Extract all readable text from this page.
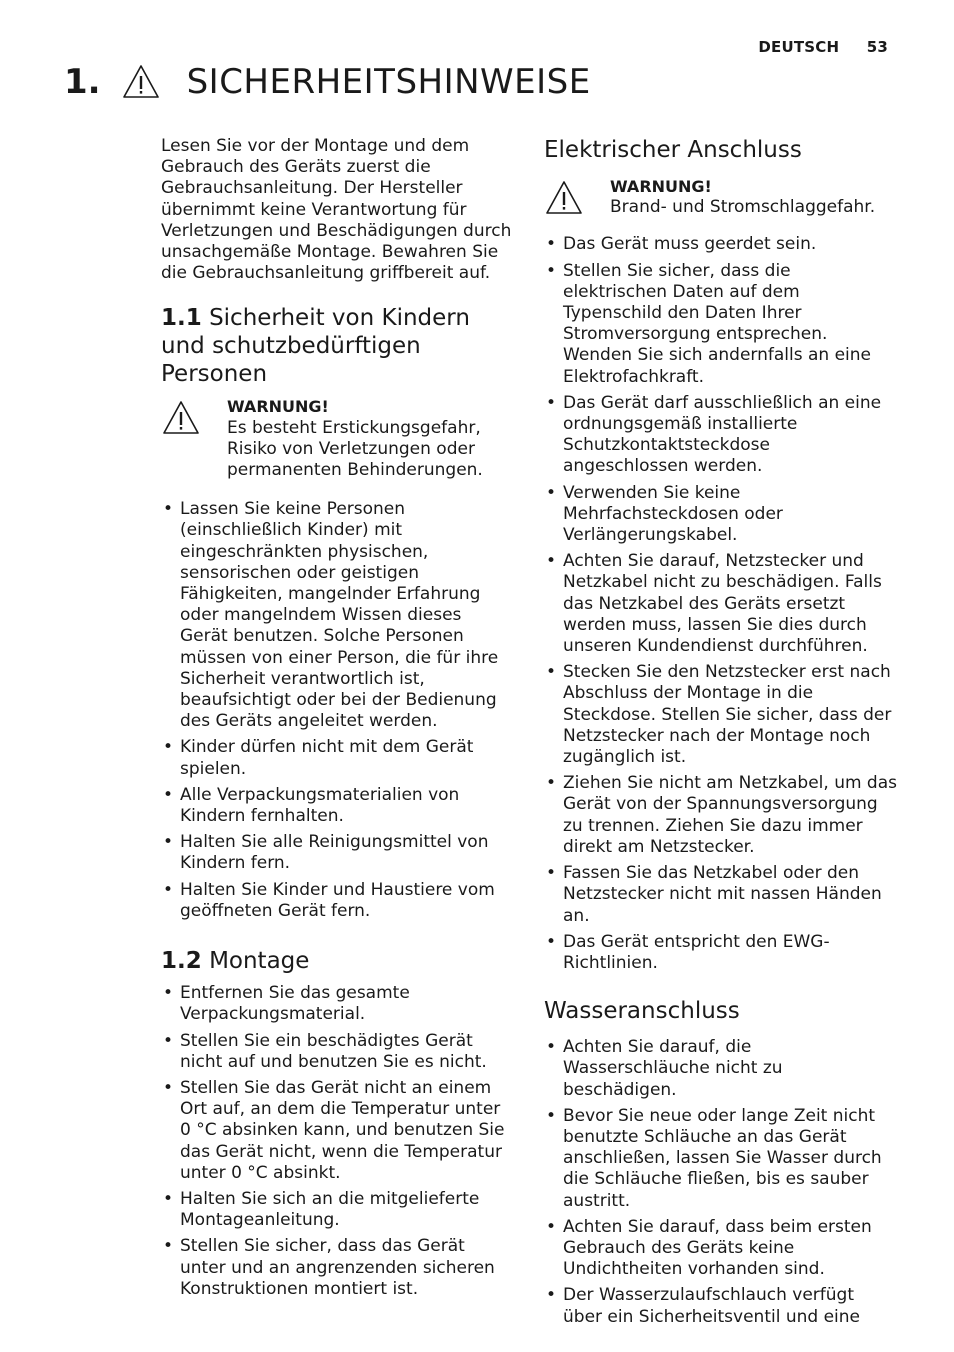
DEUTSCH 53
1.	SICHERHEITSHINWEISE

Lesen Sie vor der Montage und dem Gebrauch des Geräts zuerst die Gebrauchsanleitung. Der Hersteller übernimmt keine Verantwortung für Verletzungen und Beschädigungen durch unsachgemäße Montage. Bewahren Sie die Gebrauchsanleitung griffbereit auf.

1.1 Sicherheit von Kindern und schutzbedürftigen Personen

WARNUNG!

Es besteht Erstickungsgefahr, Risiko von Verletzungen oder permanenten Behinderungen.

• Lassen Sie keine Personen (einschließlich Kinder) mit eingeschränkten physischen, sensorischen oder geistigen Fähigkeiten, mangelnder Erfahrung oder mangelndem Wissen dieses Gerät benutzen. Solche Personen müssen von einer Person, die für ihre Sicherheit verantwortlich ist, beaufsichtigt oder bei der Bedienung des Geräts angeleitet werden.
• Kinder dürfen nicht mit dem Gerät spielen.
• Alle Verpackungsmaterialien von Kindern fernhalten.
• Halten Sie alle Reinigungsmittel von Kindern fern.
• Halten Sie Kinder und Haustiere vom geöffneten Gerät fern.
1.2 Montage
• Entfernen Sie das gesamte Verpackungsmaterial.
• Stellen Sie ein beschädigtes Gerät nicht auf und benutzen Sie es nicht.
• Stellen Sie das Gerät nicht an einem Ort auf, an dem die Temperatur unter 0 °C absinken kann, und benutzen Sie das Gerät nicht, wenn die Temperatur unter 0 °C absinkt.
• Halten Sie sich an die mitgelieferte Montageanleitung.
• Stellen Sie sicher, dass das Gerät unter und an angrenzenden sicheren Konstruktionen montiert ist.
Elektrischer Anschluss

WARNUNG!

Brand- und Stromschlaggefahr.

• Das Gerät muss geerdet sein.
• Stellen Sie sicher, dass die elektrischen Daten auf dem Typenschild den Daten Ihrer Stromversorgung entsprechen. Wenden Sie sich andernfalls an eine Elektrofachkraft.
• Das Gerät darf ausschließlich an eine ordnungsgemäß installierte Schutzkontaktsteckdose angeschlossen werden.
• Verwenden Sie keine Mehrfachsteckdosen oder Verlängerungskabel.
• Achten Sie darauf, Netzstecker und Netzkabel nicht zu beschädigen. Falls das Netzkabel des Geräts ersetzt werden muss, lassen Sie dies durch unseren Kundendienst durchführen.
• Stecken Sie den Netzstecker erst nach Abschluss der Montage in die Steckdose. Stellen Sie sicher, dass der Netzstecker nach der Montage noch zugänglich ist.
• Ziehen Sie nicht am Netzkabel, um das Gerät von der Spannungsversorgung zu trennen. Ziehen Sie dazu immer direkt am Netzstecker.
• Fassen Sie das Netzkabel oder den Netzstecker nicht mit nassen Händen an.
• Das Gerät entspricht den EWG-Richtlinien.
Wasseranschluss
• Achten Sie darauf, die Wasserschläuche nicht zu beschädigen.
• Bevor Sie neue oder lange Zeit nicht benutzte Schläuche an das Gerät anschließen, lassen Sie Wasser durch die Schläuche fließen, bis es sauber austritt.
• Achten Sie darauf, dass beim ersten Gebrauch des Geräts keine Undichtheiten vorhanden sind.
• Der Wasserzulaufschlauch verfügt über ein Sicherheitsventil und eine
